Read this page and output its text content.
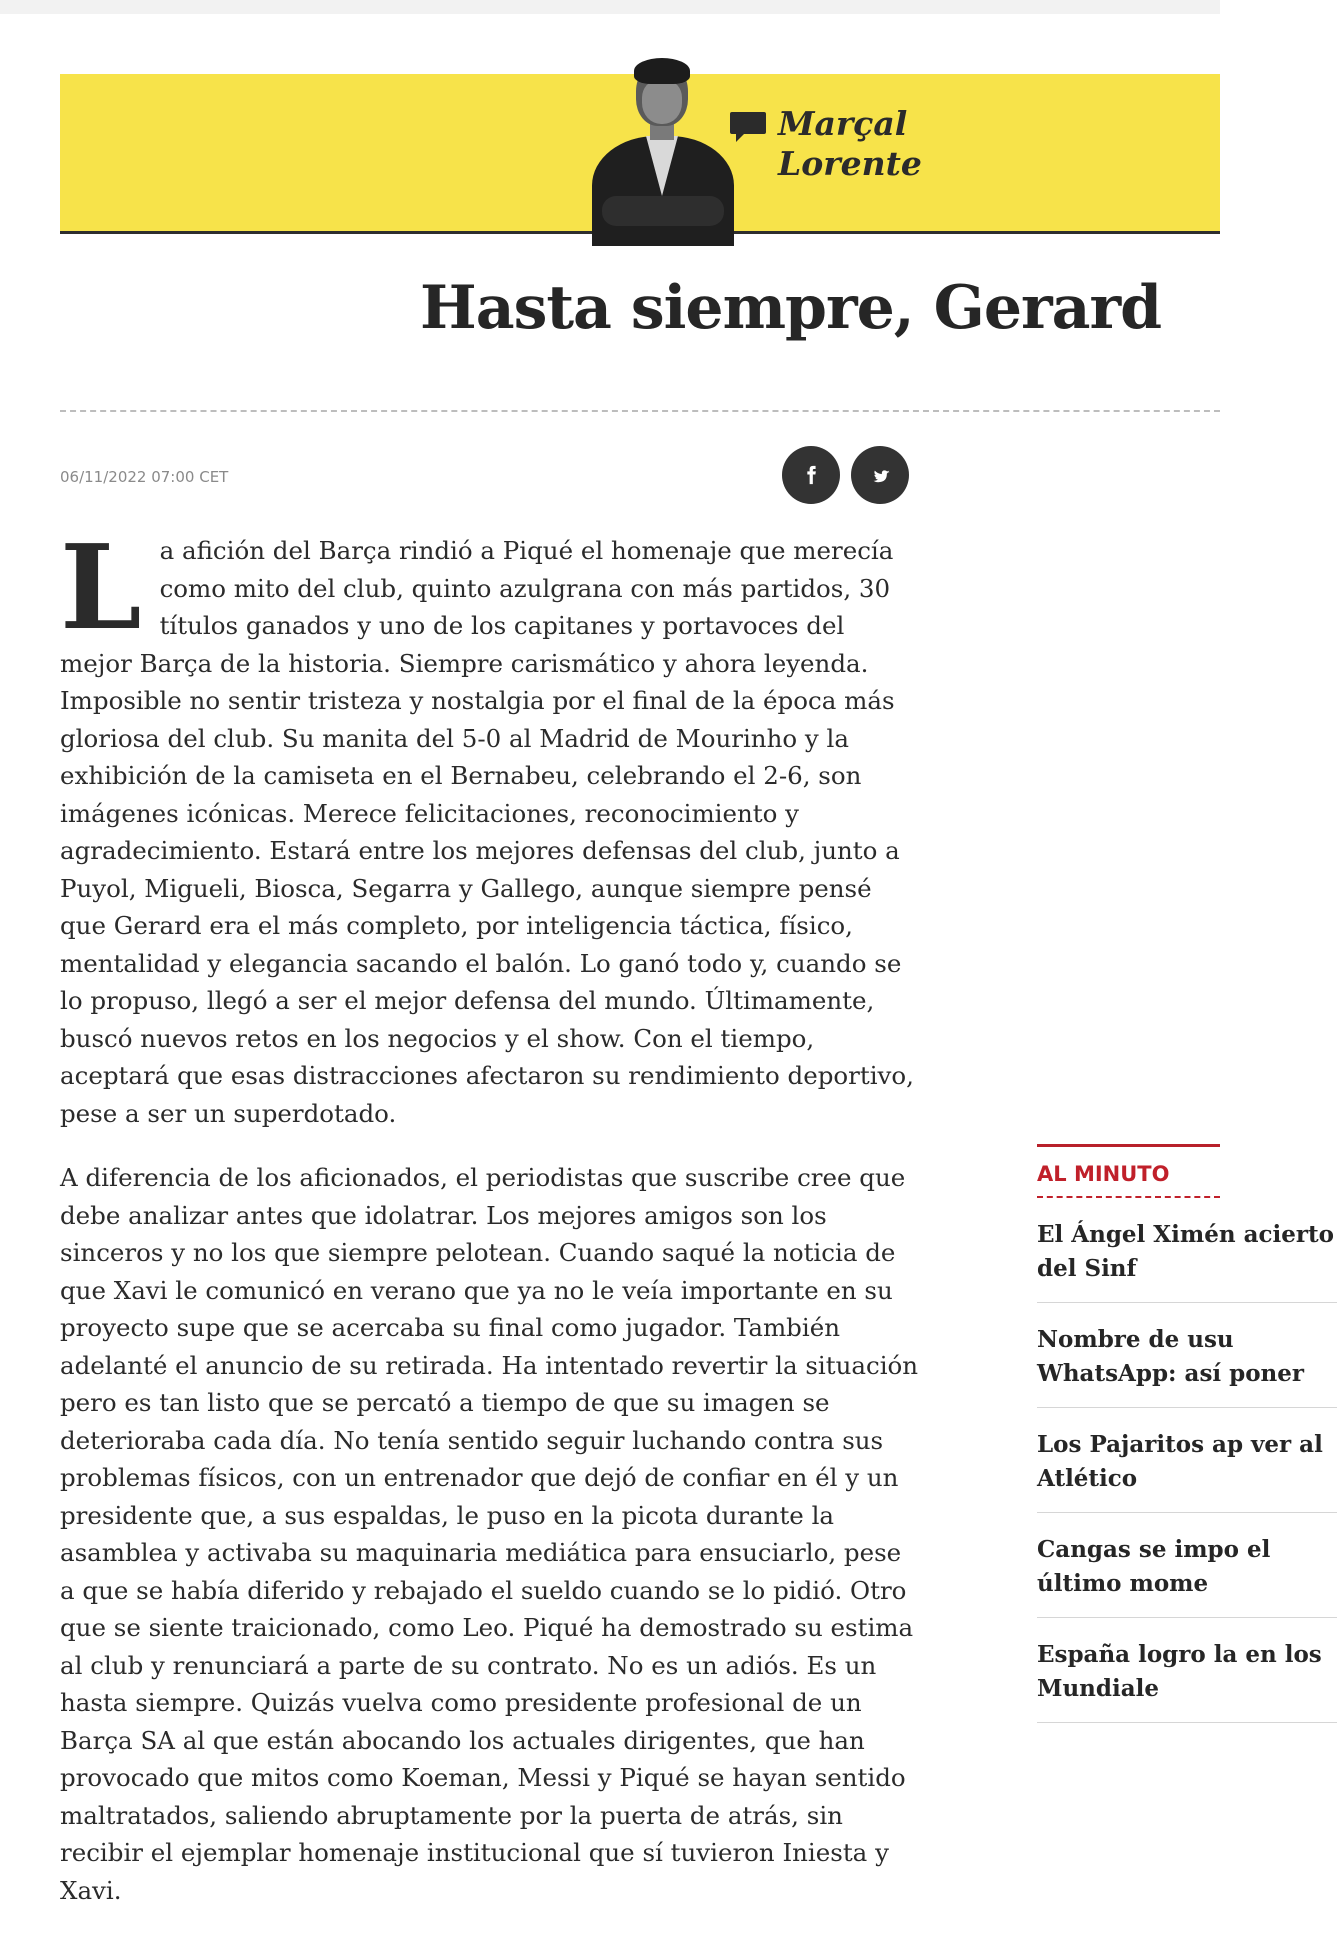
Marçal
Lorente
Hasta siempre, Gerard
06/11/2022 07:00 CET

La afición del Barça rindió a Piqué el homenaje que merecía como mito del club, quinto azulgrana con más partidos, 30 títulos ganados y uno de los capitanes y portavoces del mejor Barça de la historia. Siempre carismático y ahora leyenda. Imposible no sentir tristeza y nostalgia por el final de la época más gloriosa del club. Su manita del 5-0 al Madrid de Mourinho y la exhibición de la camiseta en el Bernabeu, celebrando el 2-6, son imágenes icónicas. Merece felicitaciones, reconocimiento y agradecimiento. Estará entre los mejores defensas del club, junto a Puyol, Migueli, Biosca, Segarra y Gallego, aunque siempre pensé que Gerard era el más completo, por inteligencia táctica, físico, mentalidad y elegancia sacando el balón. Lo ganó todo y, cuando se lo propuso, llegó a ser el mejor defensa del mundo. Últimamente, buscó nuevos retos en los negocios y el show. Con el tiempo, aceptará que esas distracciones afectaron su rendimiento deportivo, pese a ser un superdotado.

A diferencia de los aficionados, el periodistas que suscribe cree que debe analizar antes que idolatrar. Los mejores amigos son los sinceros y no los que siempre pelotean. Cuando saqué la noticia de que Xavi le comunicó en verano que ya no le veía importante en su proyecto supe que se acercaba su final como jugador. También adelanté el anuncio de su retirada. Ha intentado revertir la situación pero es tan listo que se percató a tiempo de que su imagen se deterioraba cada día. No tenía sentido seguir luchando contra sus problemas físicos, con un entrenador que dejó de confiar en él y un presidente que, a sus espaldas, le puso en la picota durante la asamblea y activaba su maquinaria mediática para ensuciarlo, pese a que se había diferido y rebajado el sueldo cuando se lo pidió. Otro que se siente traicionado, como Leo. Piqué ha demostrado su estima al club y renunciará a parte de su contrato. No es un adiós. Es un hasta siempre. Quizás vuelva como presidente profesional de un Barça SA al que están abocando los actuales dirigentes, que han provocado que mitos como Koeman, Messi y Piqué se hayan sentido maltratados, saliendo abruptamente por la puerta de atrás, sin recibir el ejemplar homenaje institucional que sí tuvieron Iniesta y Xavi.

AL MINUTO
El Ángel Ximén acierto del Sinf
Nombre de usu WhatsApp: así poner
Los Pajaritos ap ver al Atlético
Cangas se impo el último mome
España logro la en los Mundiale
